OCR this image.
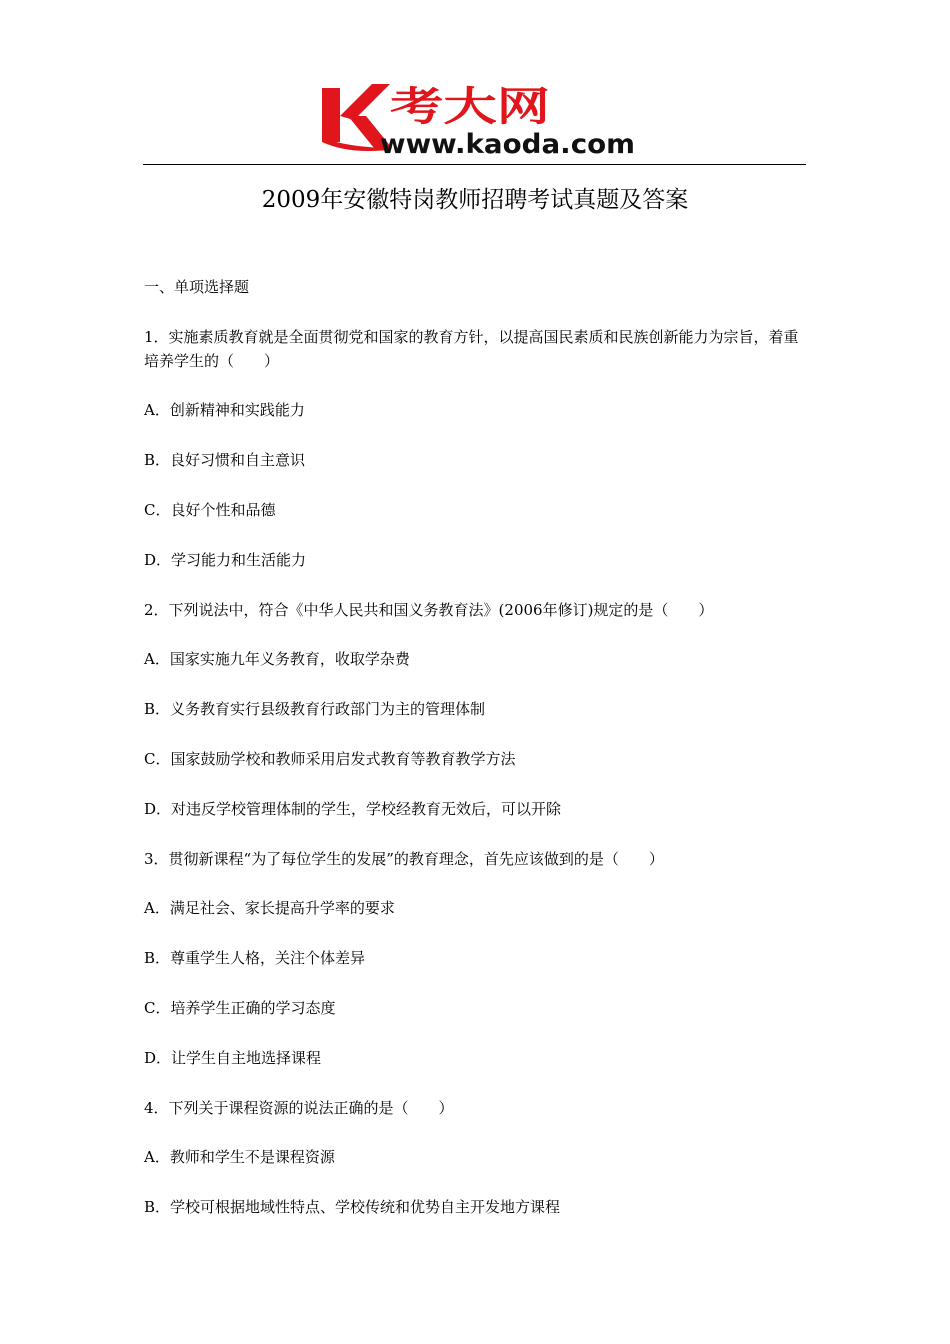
考大网
www.kaoda.com
2009年安徽特岗教师招聘考试真题及答案

一、单项选择题

1．实施素质教育就是全面贯彻党和国家的教育方针，以提高国民素质和民族创新能力为宗旨，着重培养学生的（　　）

A．创新精神和实践能力

B．良好习惯和自主意识

C．良好个性和品德

D．学习能力和生活能力

2．下列说法中，符合《中华人民共和国义务教育法》(2006年修订)规定的是（　　）

A．国家实施九年义务教育，收取学杂费

B．义务教育实行县级教育行政部门为主的管理体制

C．国家鼓励学校和教师采用启发式教育等教育教学方法

D．对违反学校管理体制的学生，学校经教育无效后，可以开除

3．贯彻新课程“为了每位学生的发展”的教育理念，首先应该做到的是（　　）

A．满足社会、家长提高升学率的要求

B．尊重学生人格，关注个体差异

C．培养学生正确的学习态度

D．让学生自主地选择课程

4．下列关于课程资源的说法正确的是（　　）

A．教师和学生不是课程资源

B．学校可根据地域性特点、学校传统和优势自主开发地方课程
